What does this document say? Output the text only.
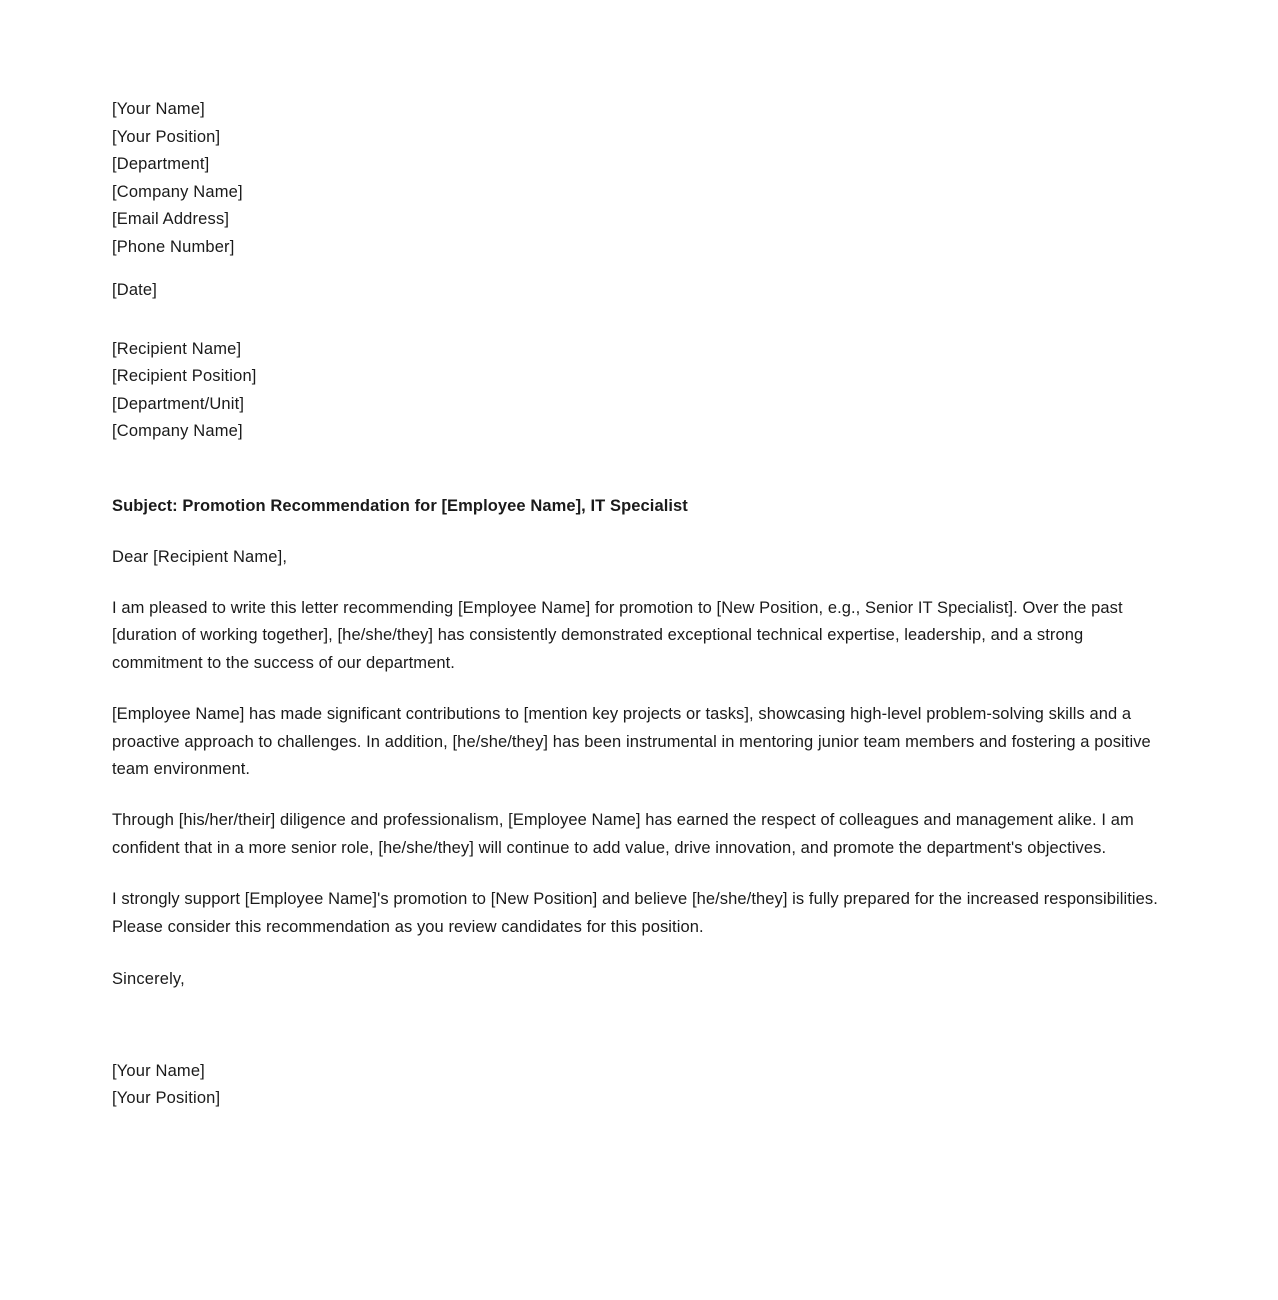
[Your Name]
[Your Position]
[Department]
[Company Name]
[Email Address]
[Phone Number]
[Date]
[Recipient Name]
[Recipient Position]
[Department/Unit]
[Company Name]
Subject: Promotion Recommendation for [Employee Name], IT Specialist
Dear [Recipient Name],
I am pleased to write this letter recommending [Employee Name] for promotion to [New Position, e.g., Senior IT Specialist]. Over the past [duration of working together], [he/she/they] has consistently demonstrated exceptional technical expertise, leadership, and a strong commitment to the success of our department.
[Employee Name] has made significant contributions to [mention key projects or tasks], showcasing high-level problem-solving skills and a proactive approach to challenges. In addition, [he/she/they] has been instrumental in mentoring junior team members and fostering a positive team environment.
Through [his/her/their] diligence and professionalism, [Employee Name] has earned the respect of colleagues and management alike. I am confident that in a more senior role, [he/she/they] will continue to add value, drive innovation, and promote the department's objectives.
I strongly support [Employee Name]'s promotion to [New Position] and believe [he/she/they] is fully prepared for the increased responsibilities. Please consider this recommendation as you review candidates for this position.
Sincerely,
[Your Name]
[Your Position]
